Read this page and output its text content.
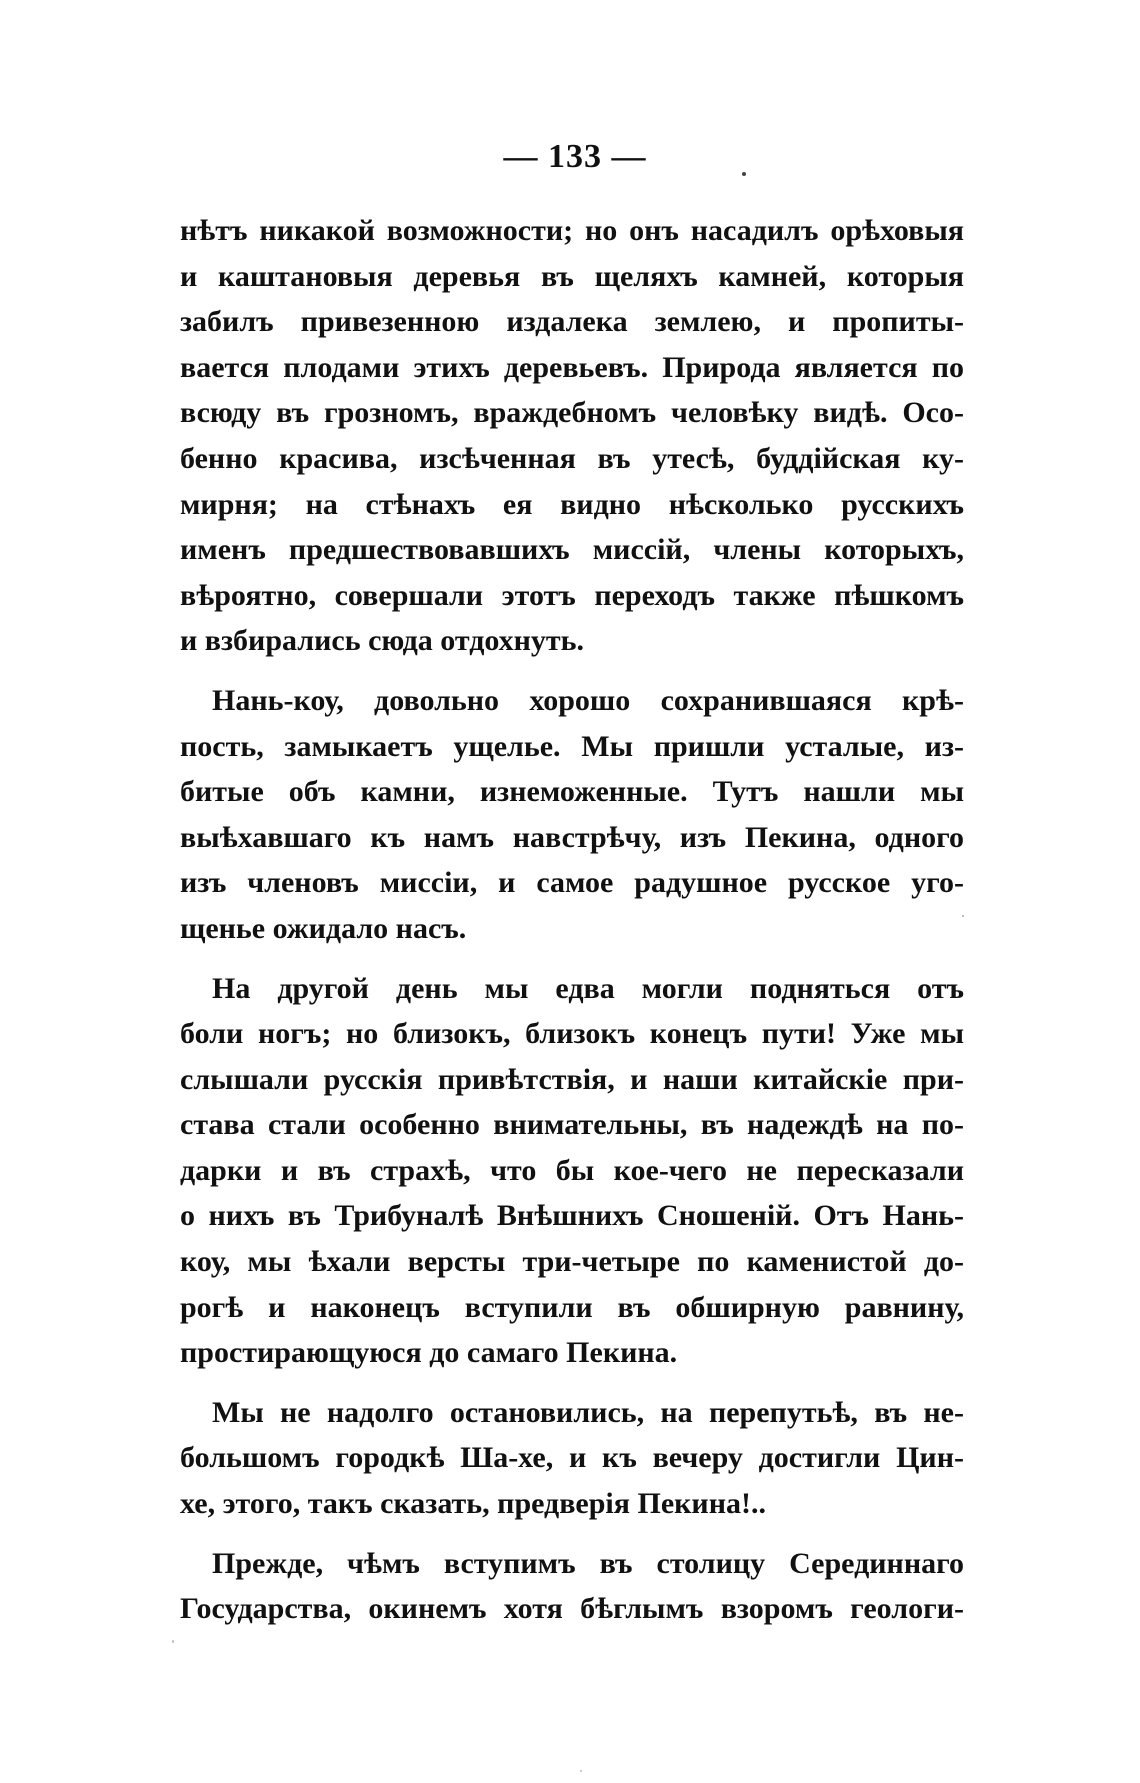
— 133 —
нѣтъ никакой возможности; но онъ насадилъ орѣховыя
и каштановыя деревья въ щеляхъ камней, которыя
забилъ привезенною издалека землею, и пропиты-
вается плодами этихъ деревьевъ. Природа является по
всюду въ грозномъ, враждебномъ человѣку видѣ. Осо-
бенно красива, изсѣченная въ утесѣ, буддійская ку-
мирня; на стѣнахъ ея видно нѣсколько русскихъ
именъ предшествовавшихъ миссій, члены которыхъ,
вѣроятно, совершали этотъ переходъ также пѣшкомъ
и взбирались сюда отдохнуть.
Нань-коу, довольно хорошо сохранившаяся крѣ-
пость, замыкаетъ ущелье. Мы пришли усталые, из-
битые объ камни, изнеможенные. Тутъ нашли мы
выѣхавшаго къ намъ навстрѣчу, изъ Пекина, одного
изъ членовъ миссіи, и самое радушное русское уго-
щенье ожидало насъ.
На другой день мы едва могли подняться отъ
боли ногъ; но близокъ, близокъ конецъ пути! Уже мы
слышали русскія привѣтствія, и наши китайскіе при-
става стали особенно внимательны, въ надеждѣ на по-
дарки и въ страхѣ, что бы кое-чего не пересказали
о нихъ въ Трибуналѣ Внѣшнихъ Сношеній. Отъ Нань-
коу, мы ѣхали версты три-четыре по каменистой до-
рогѣ и наконецъ вступили въ обширную равнину,
простирающуюся до самаго Пекина.
Мы не надолго остановились, на перепутьѣ, въ не-
большомъ городкѣ Ша-хе, и къ вечеру достигли Цин-
хе, этого, такъ сказать, предверія Пекина!..
Прежде, чѣмъ вступимъ въ столицу Серединнаго
Государства, окинемъ хотя бѣглымъ взоромъ геологи-
